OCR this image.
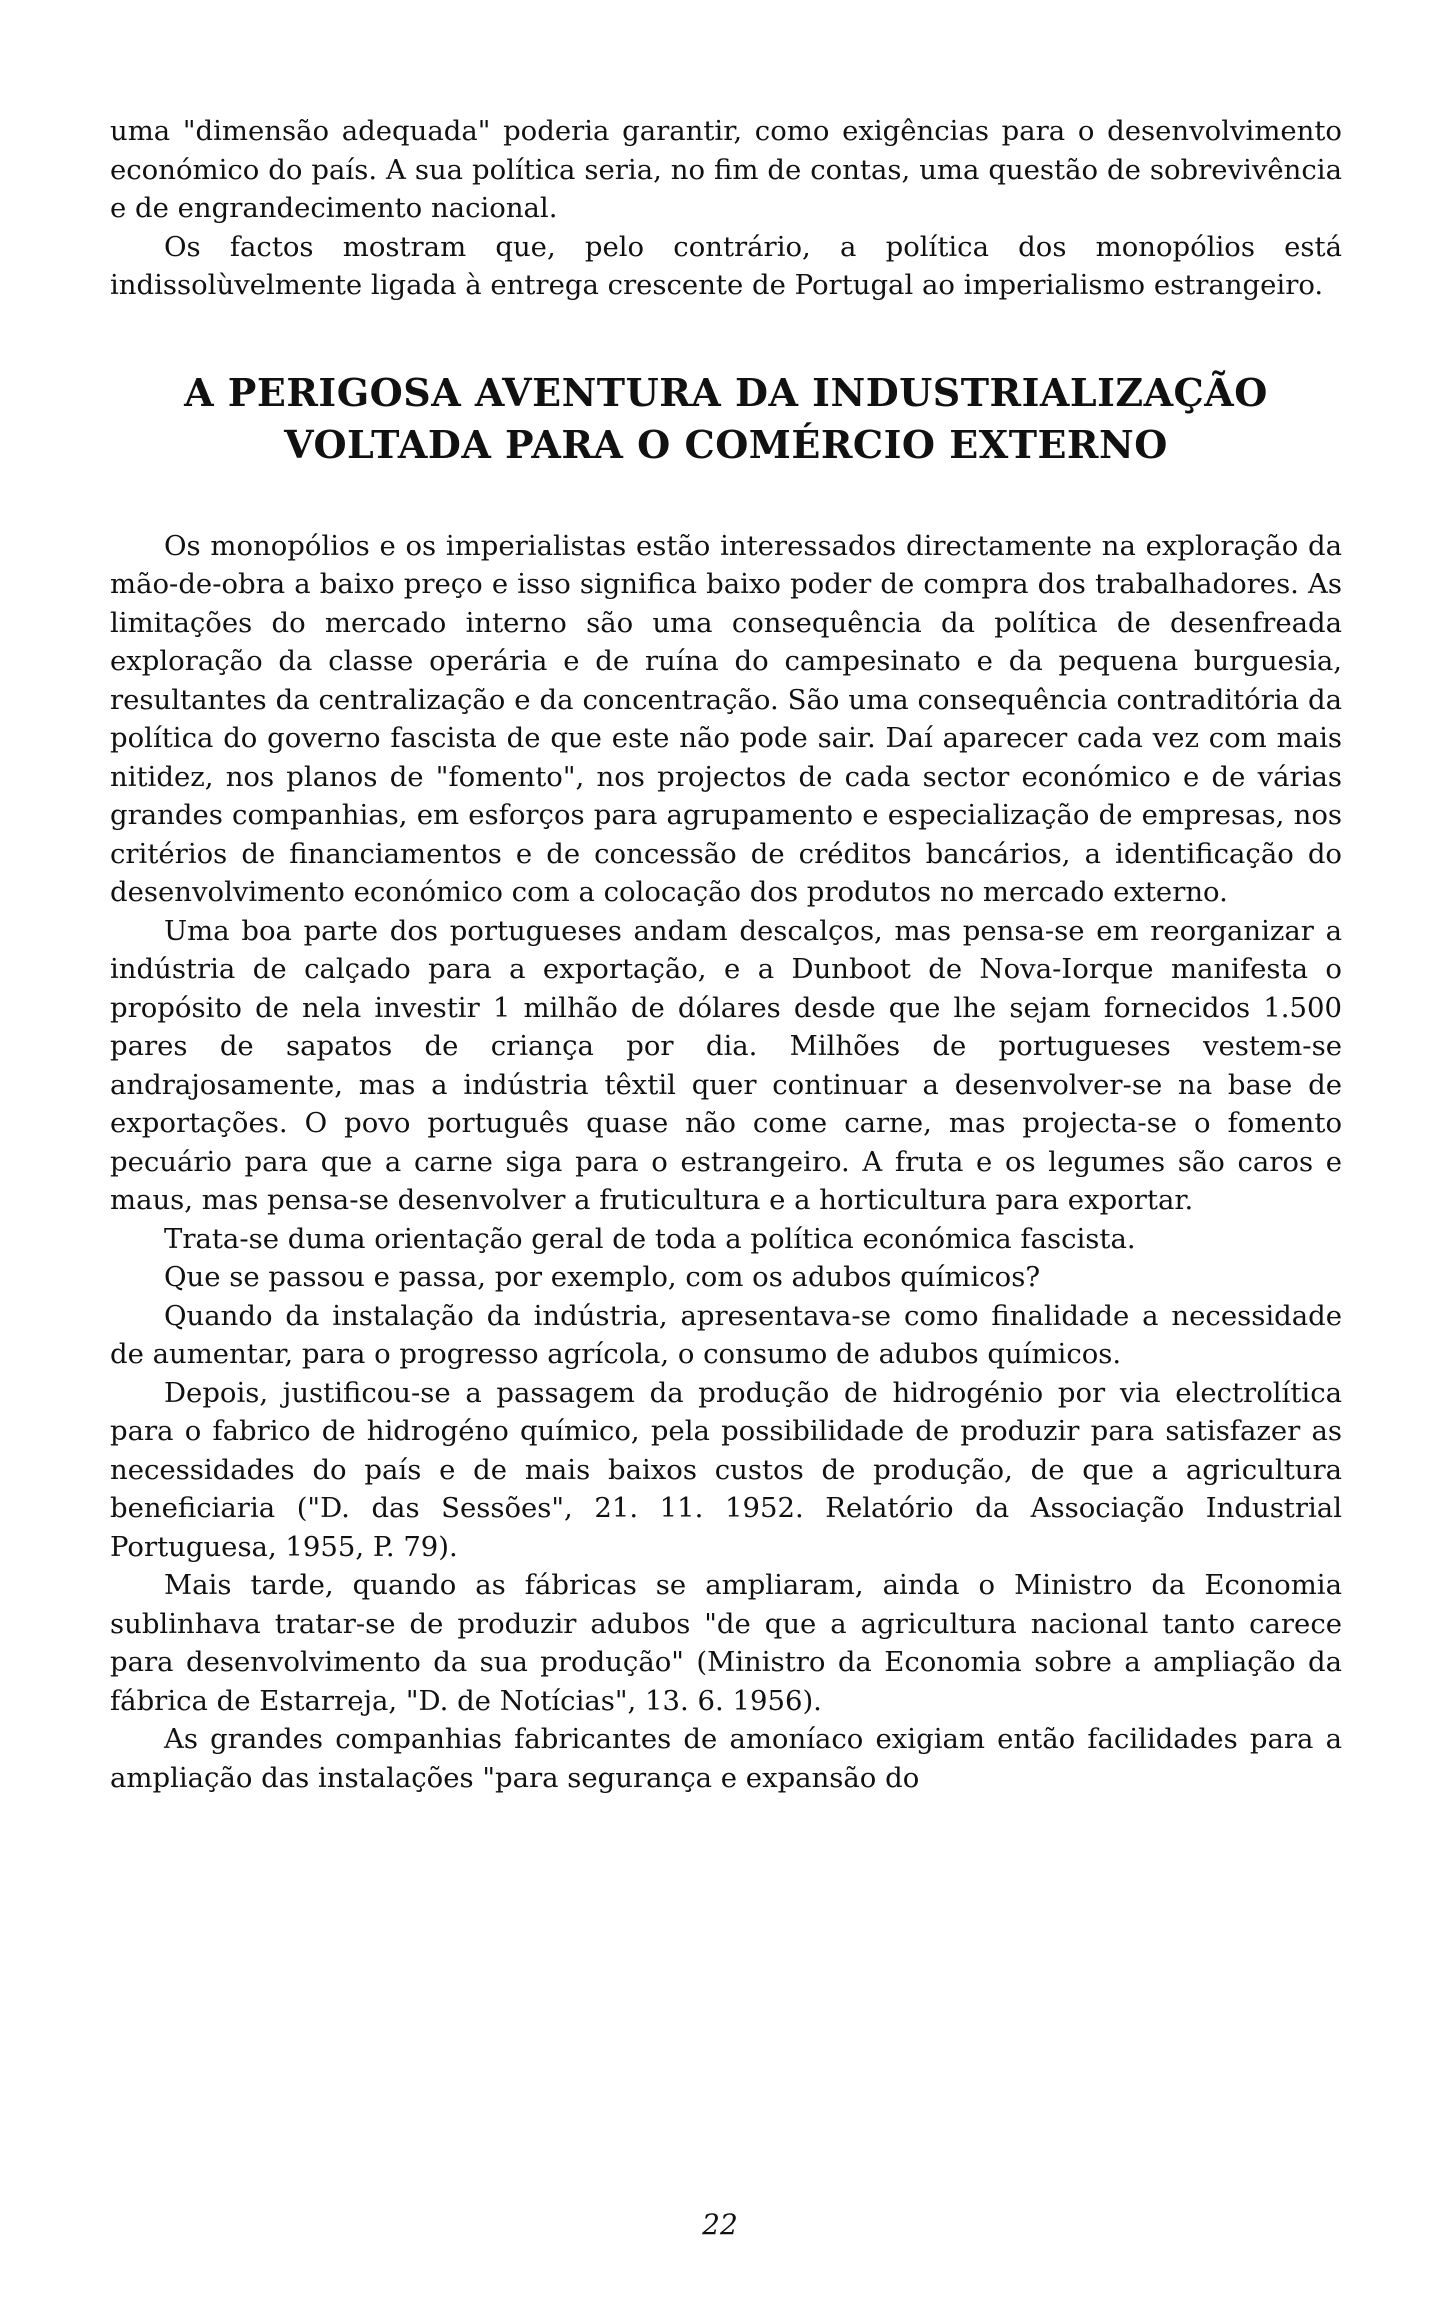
uma "dimensão adequada" poderia garantir, como exigências para o desenvolvimento económico do país. A sua política seria, no fim de contas, uma questão de sobrevivência e de engrandecimento nacional.

Os factos mostram que, pelo contrário, a política dos monopólios está indissolùvelmente ligada à entrega crescente de Portugal ao imperialismo estrangeiro.

A PERIGOSA AVENTURA DA INDUSTRIALIZAÇÃO
VOLTADA PARA O COMÉRCIO EXTERNO

Os monopólios e os imperialistas estão interessados directamente na exploração da mão-de-obra a baixo preço e isso significa baixo poder de compra dos trabalhadores. As limitações do mercado interno são uma consequência da política de desenfreada exploração da classe operária e de ruína do campesinato e da pequena burguesia, resultantes da centralização e da concentração. São uma consequência contraditória da política do governo fascista de que este não pode sair. Daí aparecer cada vez com mais nitidez, nos planos de "fomento", nos projectos de cada sector económico e de várias grandes companhias, em esforços para agrupamento e especialização de empresas, nos critérios de financiamentos e de concessão de créditos bancários, a identificação do desenvolvimento económico com a colocação dos produtos no mercado externo.

Uma boa parte dos portugueses andam descalços, mas pensa-se em reorganizar a indústria de calçado para a exportação, e a Dunboot de Nova-Iorque manifesta o propósito de nela investir 1 milhão de dólares desde que lhe sejam fornecidos 1.500 pares de sapatos de criança por dia. Milhões de portugueses vestem-se andrajosamente, mas a indústria têxtil quer continuar a desenvolver-se na base de exportações. O povo português quase não come carne, mas projecta-se o fomento pecuário para que a carne siga para o estrangeiro. A fruta e os legumes são caros e maus, mas pensa-se desenvolver a fruticultura e a horticultura para exportar.

Trata-se duma orientação geral de toda a política económica fascista.

Que se passou e passa, por exemplo, com os adubos químicos?

Quando da instalação da indústria, apresentava-se como finalidade a necessidade de aumentar, para o progresso agrícola, o consumo de adubos químicos.

Depois, justificou-se a passagem da produção de hidrogénio por via electrolítica para o fabrico de hidrogéno químico, pela possibilidade de produzir para satisfazer as necessidades do país e de mais baixos custos de produção, de que a agricultura beneficiaria ("D. das Sessões", 21. 11. 1952. Relatório da Associação Industrial Portuguesa, 1955, P. 79).

Mais tarde, quando as fábricas se ampliaram, ainda o Ministro da Economia sublinhava tratar-se de produzir adubos "de que a agricultura nacional tanto carece para desenvolvimento da sua produção" (Ministro da Economia sobre a ampliação da fábrica de Estarreja, "D. de Notícias", 13. 6. 1956).

As grandes companhias fabricantes de amoníaco exigiam então facilidades para a ampliação das instalações "para segurança e expansão do

22
